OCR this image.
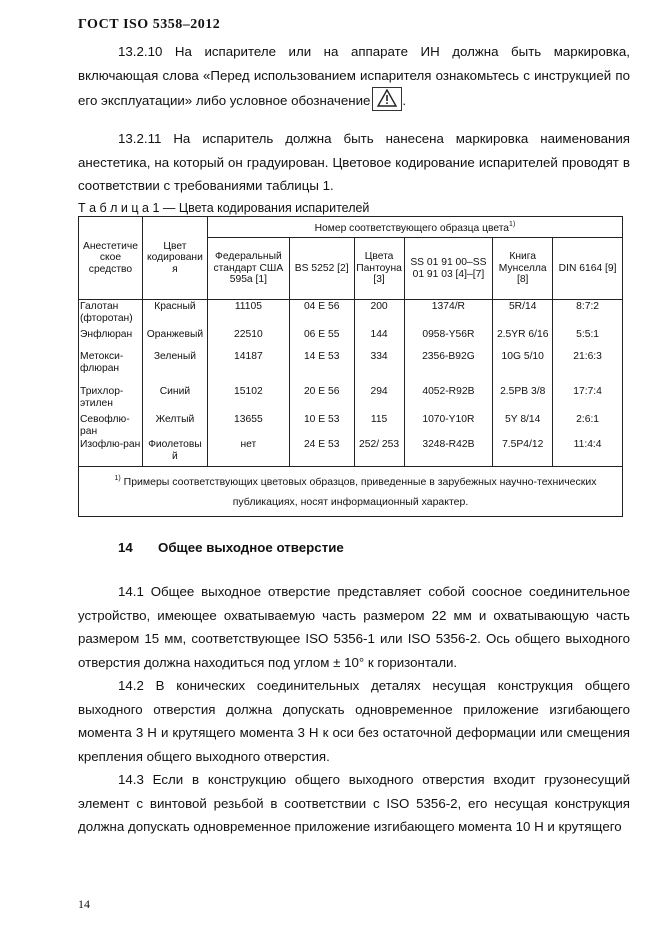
ГОСТ ISO 5358–2012

13.2.10 На испарителе или на аппарате ИН должна быть маркировка, включающая слова «Перед использованием испарителя ознакомьтесь с инструкцией по его эксплуатации» либо условное обозначение .

13.2.11 На испаритель должна быть нанесена маркировка наименования анестетика, на который он градуирован. Цветовое кодирование испарителей проводят в соответствии с требованиями таблицы 1.

Т а б л и ц а 1 — Цвета кодирования испарителей
Анестетиче ское средство	Цвет кодировани я	Номер соответствующего образца цвета$^{1)}$
		Федеральный стандарт США 595а [1]	BS 5252 [2]	Цвета Пантоуна [3]	SS 01 91 00–SS 01 91 03 [4]–[7]	Книга Мунселла [8]	DIN 6164 [9]
Галотан (фторотан)	Красный	11105	04 E 56	200	1374/R	5R/14	8:7:2
Энфлюран	Оранжевый	22510	06 E 55	144	0958-Y56R	2.5YR 6/16	5:5:1
Метокси-флюран	Зеленый	14187	14 E 53	334	2356-B92G	10G 5/10	21:6:3
Трихлор-этилен	Синий	15102	20 E 56	294	4052-R92B	2.5PB 3/8	17:7:4
Севофлю-ран	Желтый	13655	10 E 53	115	1070-Y10R	5Y 8/14	2:6:1
Изофлю-ран	Фиолетовы й	нет	24 E 53	252/ 253	3248-R42B	7.5P4/12	11:4:4
$^{1)}$ Примеры соответствующих цветовых образцов, приведенные в зарубежных научно-технических публикациях, носят информационный характер.							
14 Общее выходное отверстие

14.1 Общее выходное отверстие представляет собой соосное соединительное устройство, имеющее охватываемую часть размером 22 мм и охватывающую часть размером 15 мм, соответствующее ISO 5356-1 или ISO 5356-2. Ось общего выходного отверстия должна находиться под углом ± 10° к горизонтали.

14.2 В конических соединительных деталях несущая конструкция общего выходного отверстия должна допускать одновременное приложение изгибающего момента 3 Н и крутящего момента 3 Н к оси без остаточной деформации или смещения крепления общего выходного отверстия.

14.3 Если в конструкцию общего выходного отверстия входит грузонесущий элемент с винтовой резьбой в соответствии с ISO 5356-2, его несущая конструкция должна допускать одновременное приложение изгибающего момента 10 Н и крутящего

14
